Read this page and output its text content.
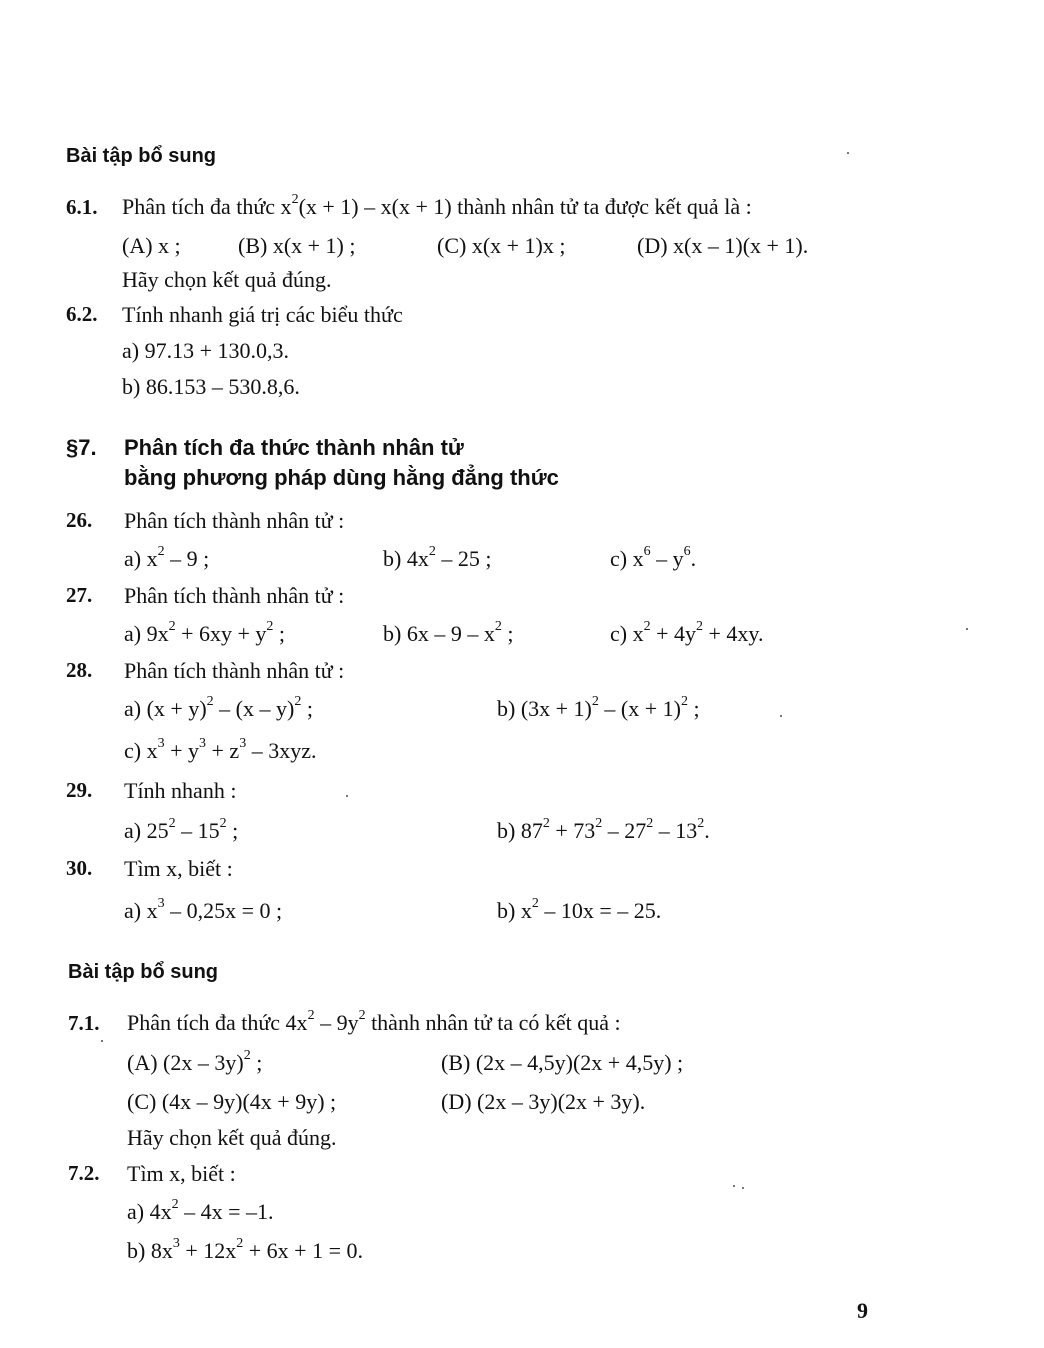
Bài tập bổ sung
6.1. Phân tích đa thức $x^2(x + 1) - x(x + 1)$ thành nhân tử ta được kết quả là :
(A) x ;	(B) x(x + 1) ;	(C) x(x + 1)x ;	(D) x(x – 1)(x + 1).
Hãy chọn kết quả đúng.
6.2. Tính nhanh giá trị các biểu thức
a) 97.13 + 130.0,3.
b) 86.153 – 530.8,6.
§7. Phân tích đa thức thành nhân tử
bằng phương pháp dùng hằng đẳng thức
26. Phân tích thành nhân tử :
a) $x^2 - 9$ ;	b) $4x^2 - 25$ ;	c) $x^6 - y^6$.
27. Phân tích thành nhân tử :
a) $9x^2 + 6xy + y^2$ ;	b) $6x - 9 - x^2$ ;	c) $x^2 + 4y^2 + 4xy$.
28. Phân tích thành nhân tử :
a) $(x + y)^2 - (x - y)^2$ ;	b) $(3x + 1)^2 - (x + 1)^2$ ;
c) $x^3 + y^3 + z^3 - 3xyz$.
29. Tính nhanh :
a) $25^2 - 15^2$ ;	b) $87^2 + 73^2 - 27^2 - 13^2$.
30. Tìm x, biết :
a) $x^3 - 0,25x = 0$ ;	b) $x^2 - 10x$ = – 25.
Bài tập bổ sung
7.1. Phân tích đa thức $4x^2 - 9y^2$ thành nhân tử ta có kết quả :
(A) (2x – 3y)$^2$ ;	(B) (2x – 4,5y)(2x + 4,5y) ;
(C) (4x – 9y)(4x + 9y) ;	(D) (2x – 3y)(2x + 3y).
Hãy chọn kết quả đúng.
7.2. Tìm x, biết :
a) $4x^2 - 4x = -1$.
b) $8x^3 + 12x^2 + 6x + 1 = 0$.
9
